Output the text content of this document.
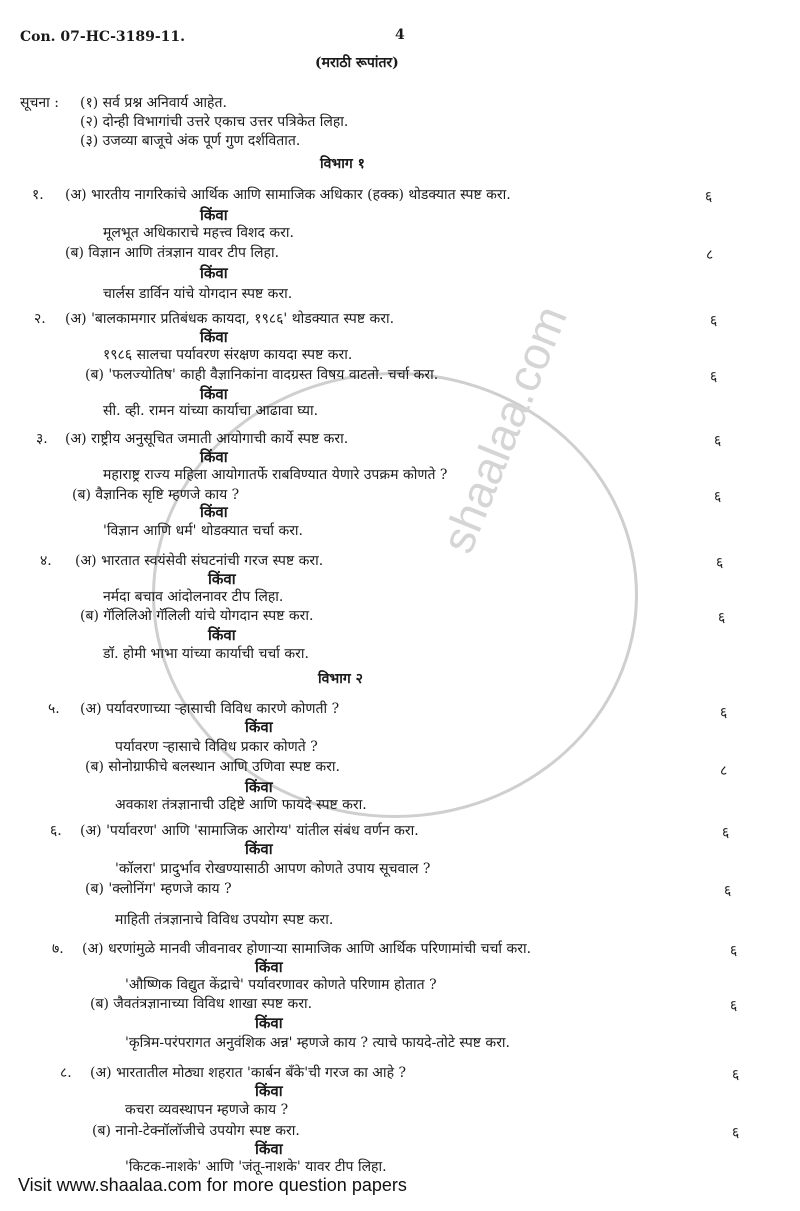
shaalaa.com
Con. 07-HC-3189-11.	4
(मराठी रूपांतर)
सूचना : (१) सर्व प्रश्न अनिवार्य आहेत.
(२) दोन्ही विभागांची उत्तरे एकाच उत्तर पत्रिकेत लिहा.
(३) उजव्या बाजूचे अंक पूर्ण गुण दर्शवितात.
विभाग १
१. (अ) भारतीय नागरिकांचे आर्थिक आणि सामाजिक अधिकार (हक्क) थोडक्यात स्पष्ट करा.	६
किंवा
मूलभूत अधिकाराचे महत्त्व विशद करा.
(ब) विज्ञान आणि तंत्रज्ञान यावर टीप लिहा.	८
किंवा
चार्लस डार्विन यांचे योगदान स्पष्ट करा.
२. (अ) 'बालकामगार प्रतिबंधक कायदा, १९८६' थोडक्यात स्पष्ट करा.	६
किंवा
१९८६ सालचा पर्यावरण संरक्षण कायदा स्पष्ट करा.
(ब) 'फलज्योतिष' काही वैज्ञानिकांना वादग्रस्त विषय वाटतो. चर्चा करा.	६
किंवा
सी. व्ही. रामन यांच्या कार्याचा आढावा घ्या.
३. (अ) राष्ट्रीय अनुसूचित जमाती आयोगाची कार्ये स्पष्ट करा.	६
किंवा
महाराष्ट्र राज्य महिला आयोगातर्फे राबविण्यात येणारे उपक्रम कोणते ?
(ब) वैज्ञानिक सृष्टि म्हणजे काय ?	६
किंवा
'विज्ञान आणि धर्म' थोडक्यात चर्चा करा.
४. (अ) भारतात स्वयंसेवी संघटनांची गरज स्पष्ट करा.	६
किंवा
नर्मदा बचाव आंदोलनावर टीप लिहा.
(ब) गॅलिलिओ गॅलिली यांचे योगदान स्पष्ट करा.	६
किंवा
डॉ. होमी भाभा यांच्या कार्याची चर्चा करा.
विभाग २
५. (अ) पर्यावरणाच्या ऱ्हासाची विविध कारणे कोणती ?	६
किंवा
पर्यावरण ऱ्हासाचे विविध प्रकार कोणते ?
(ब) सोनोग्राफीचे बलस्थान आणि उणिवा स्पष्ट करा.	८
किंवा
अवकाश तंत्रज्ञानाची उद्दिष्टे आणि फायदे स्पष्ट करा.
६. (अ) 'पर्यावरण' आणि 'सामाजिक आरोग्य' यांतील संबंध वर्णन करा.	६
किंवा
'कॉलरा' प्रादुर्भाव रोखण्यासाठी आपण कोणते उपाय सूचवाल ?
(ब) 'क्लोनिंग' म्हणजे काय ?	६
माहिती तंत्रज्ञानाचे विविध उपयोग स्पष्ट करा.
७. (अ) धरणांमुळे मानवी जीवनावर होणाऱ्या सामाजिक आणि आर्थिक परिणामांची चर्चा करा.	६
किंवा
'औष्णिक विद्युत केंद्राचे' पर्यावरणावर कोणते परिणाम होतात ?
(ब) जैवतंत्रज्ञानाच्या विविध शाखा स्पष्ट करा.	६
किंवा
'कृत्रिम-परंपरागत अनुवंशिक अन्न' म्हणजे काय ? त्याचे फायदे-तोटे स्पष्ट करा.
८. (अ) भारतातील मोठ्या शहरात 'कार्बन बँके'ची गरज का आहे ?	६
किंवा
कचरा व्यवस्थापन म्हणजे काय ?
(ब) नानो-टेक्नॉलॉजीचे उपयोग स्पष्ट करा.	६
किंवा
'किटक-नाशके' आणि 'जंतू-नाशके' यावर टीप लिहा.
Visit www.shaalaa.com for more question papers
